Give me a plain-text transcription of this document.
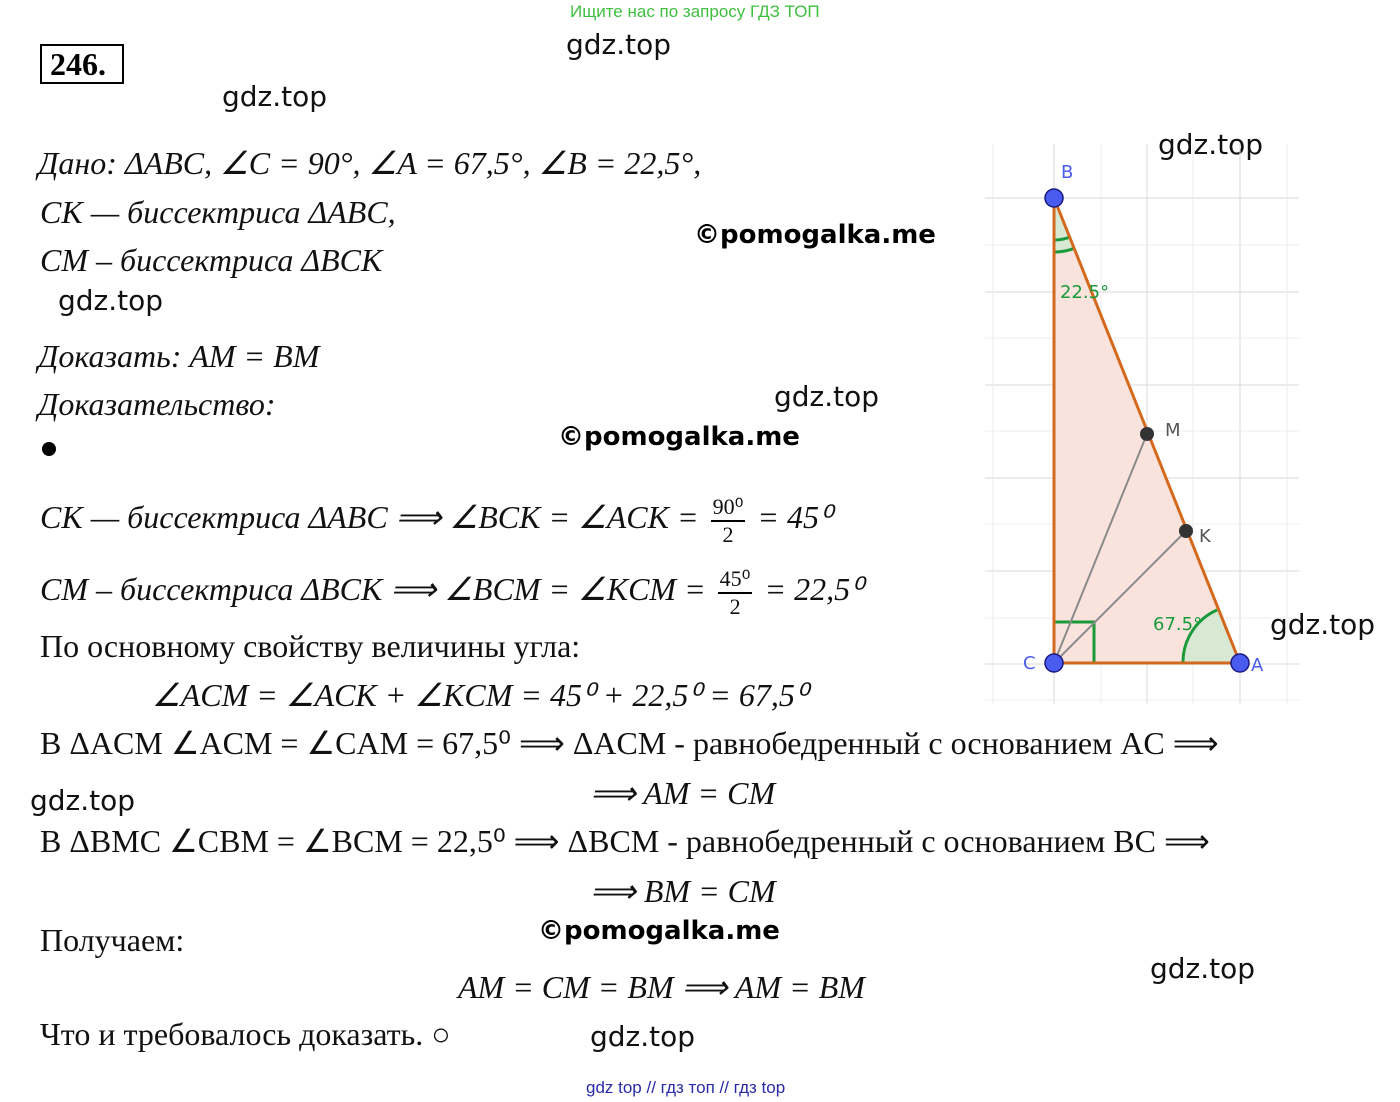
Ищите нас по запросу ГДЗ ТОП
246.
gdz.top
gdz.top
gdz.top
gdz.top
gdz.top
gdz.top
gdz.top
gdz.top
gdz.top
©pomogalka.me
©pomogalka.me
©pomogalka.me
Дано: ΔABC, ∠C = 90°, ∠A = 67,5°, ∠B = 22,5°,
CK — биссектриса ΔABC,
CM – биссектриса ΔBCK
Доказать: AM = BM
Доказательство:
CK — биссектриса ΔABC ⟹ ∠BCK = ∠ACK = $\frac{\text{90⁰}}{2} = 45^0$
CM – биссектриса ΔBCK ⟹ ∠BCM = ∠KCM = $\frac{\text{45⁰}}{2} = 22,5^0$
По основному свойству величины угла:
∠ACM = ∠ACK + ∠KCM = 45⁰ + 22,5⁰ = 67,5⁰
В ΔACM ∠ACM = ∠CAM = 67,5⁰ ⟹ ΔACM - равнобедренный с основанием AC ⟹
⟹ AM = CM
В ΔBMC ∠CBM = ∠BCM = 22,5⁰ ⟹ ΔBCM - равнобедренный с основанием BC ⟹
⟹ BM = CM
Получаем:
AM = CM = BM ⟹ AM = BM
Что и требовалось доказать. ○
B
C	A
M
K
22.5°
67.5°
gdz top // гдз топ // гдз top
